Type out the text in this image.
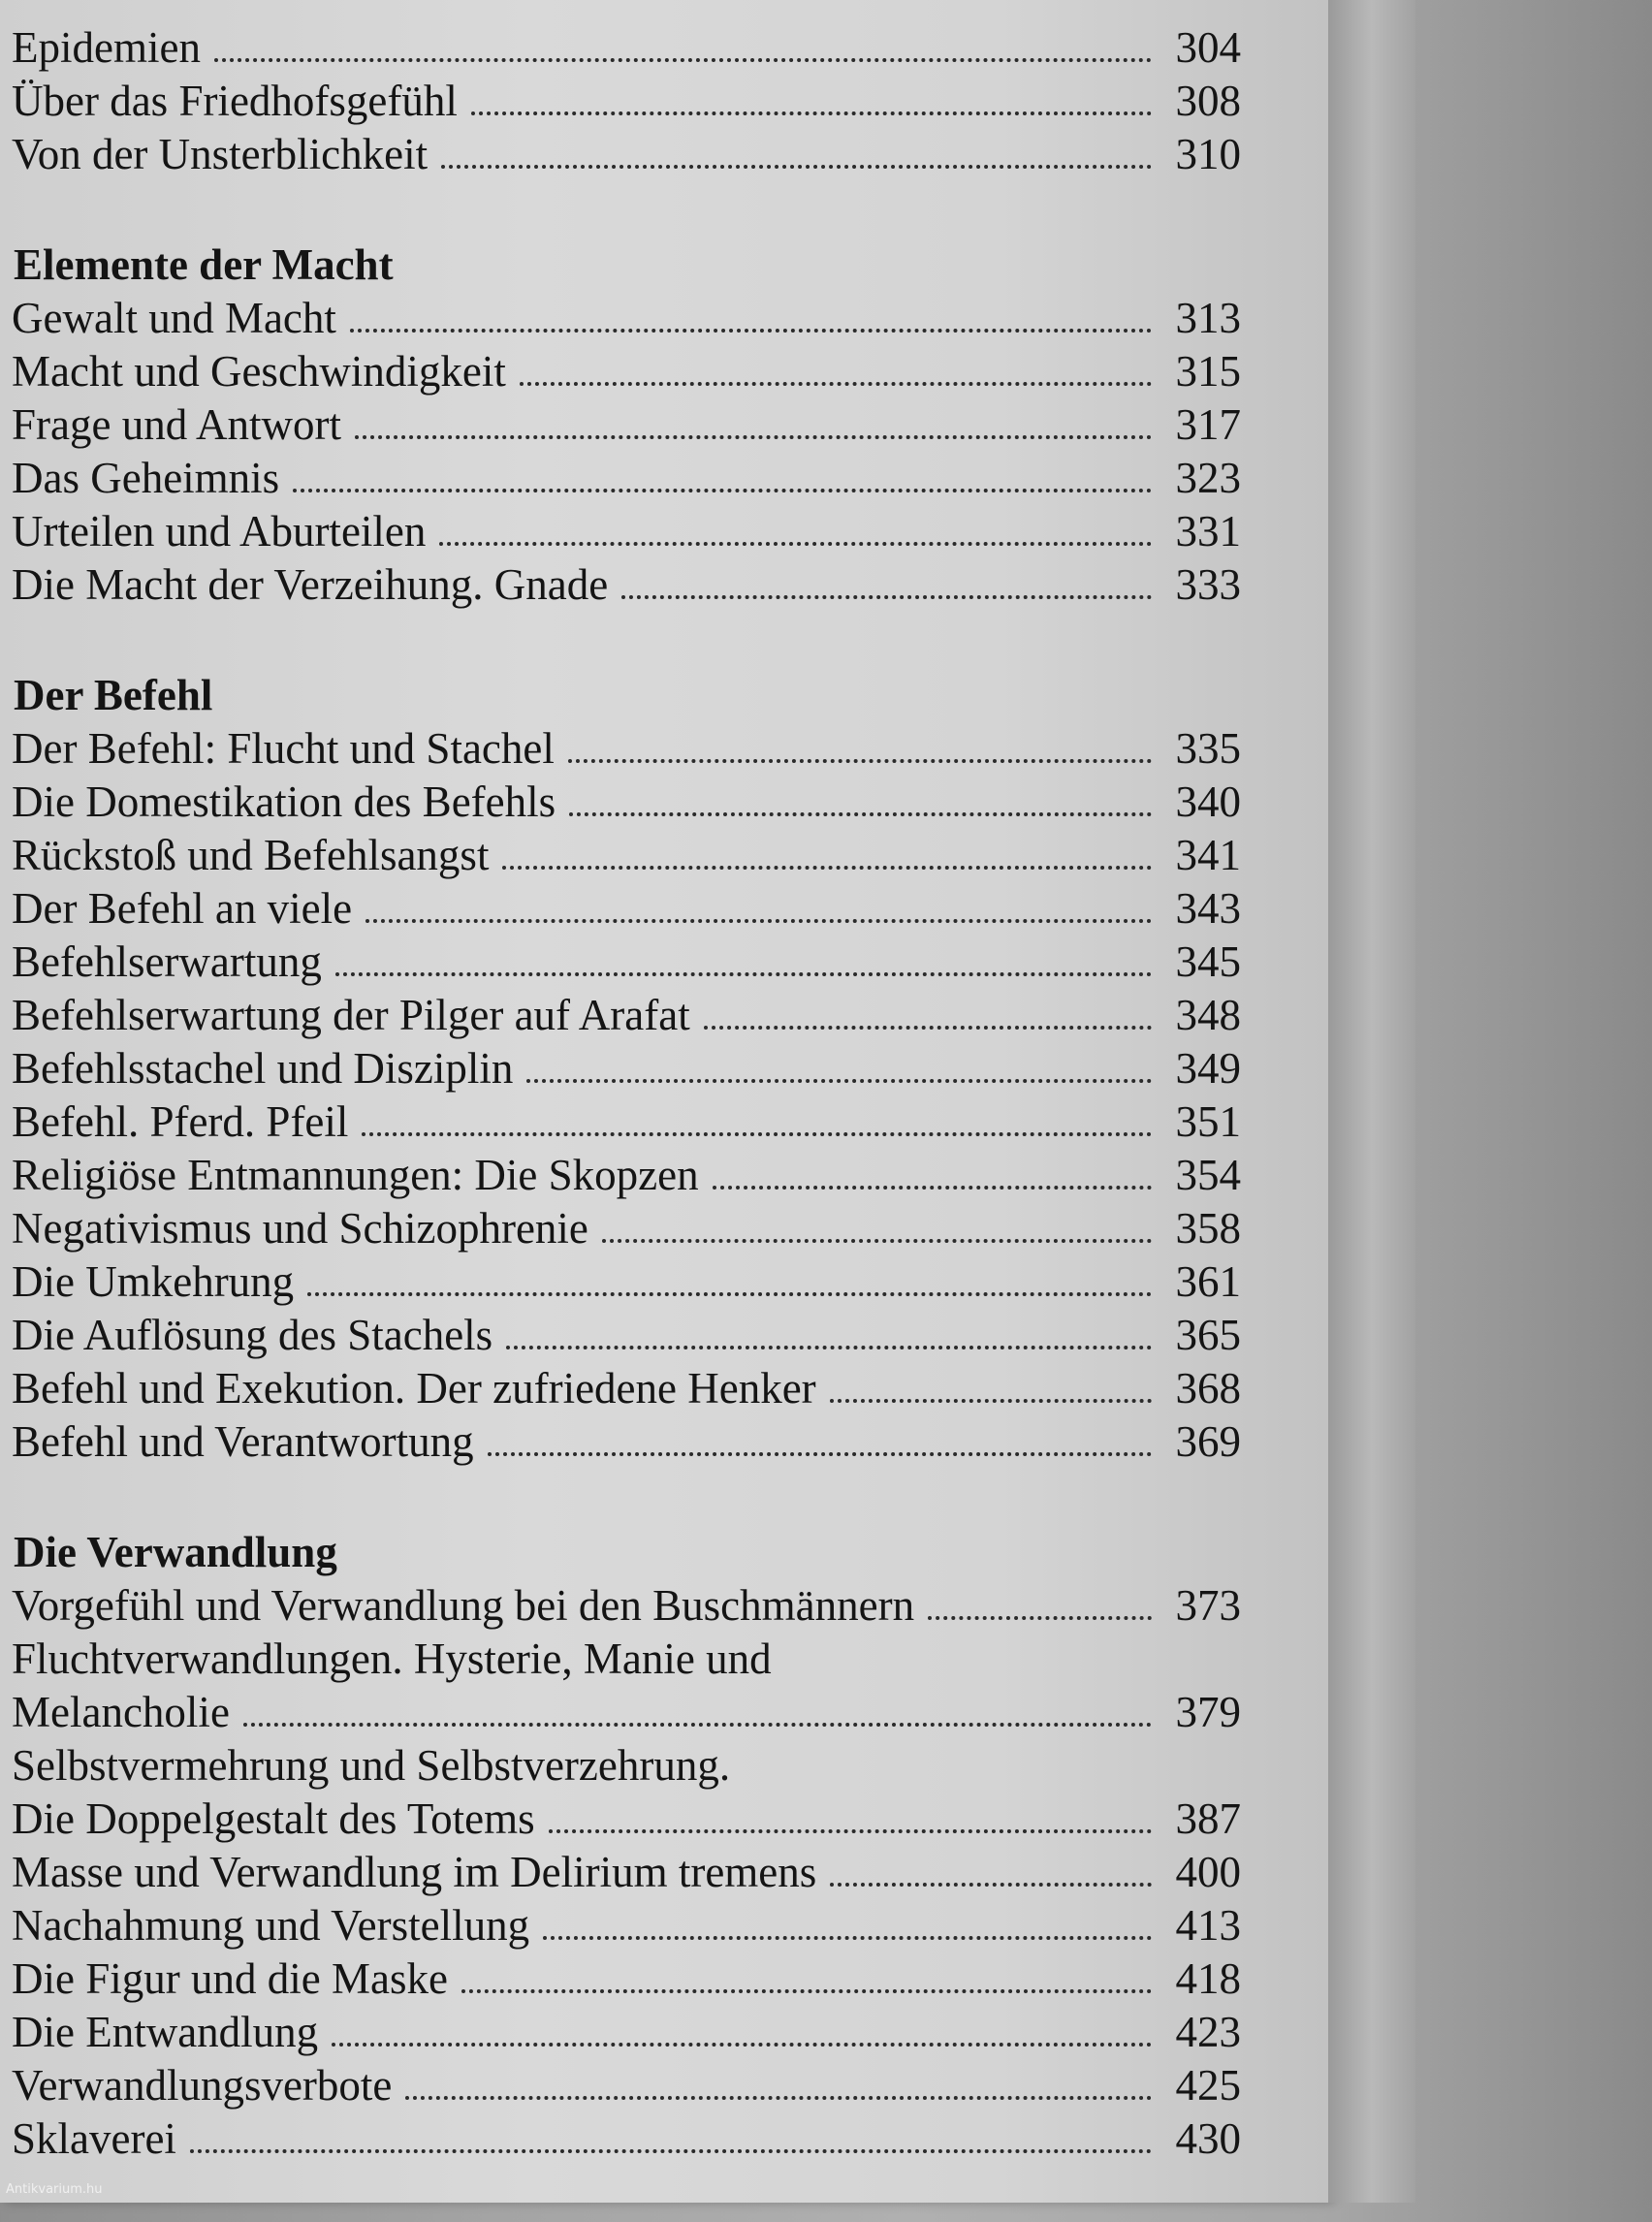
Epidemien	304
Über das Friedhofsgefühl	308
Von der Unsterblichkeit	310
Elemente der Macht
Gewalt und Macht	313
Macht und Geschwindigkeit	315
Frage und Antwort	317
Das Geheimnis	323
Urteilen und Aburteilen	331
Die Macht der Verzeihung. Gnade	333
Der Befehl
Der Befehl: Flucht und Stachel	335
Die Domestikation des Befehls	340
Rückstoß und Befehlsangst	341
Der Befehl an viele	343
Befehlserwartung	345
Befehlserwartung der Pilger auf Arafat	348
Befehlsstachel und Disziplin	349
Befehl. Pferd. Pfeil	351
Religiöse Entmannungen: Die Skopzen	354
Negativismus und Schizophrenie	358
Die Umkehrung	361
Die Auflösung des Stachels	365
Befehl und Exekution. Der zufriedene Henker	368
Befehl und Verantwortung	369
Die Verwandlung
Vorgefühl und Verwandlung bei den Buschmännern	373
Fluchtverwandlungen. Hysterie, Manie und
Melancholie	379
Selbstvermehrung und Selbstverzehrung.
Die Doppelgestalt des Totems	387
Masse und Verwandlung im Delirium tremens	400
Nachahmung und Verstellung	413
Die Figur und die Maske	418
Die Entwandlung	423
Verwandlungsverbote	425
Sklaverei	430
Antikvarium.hu
